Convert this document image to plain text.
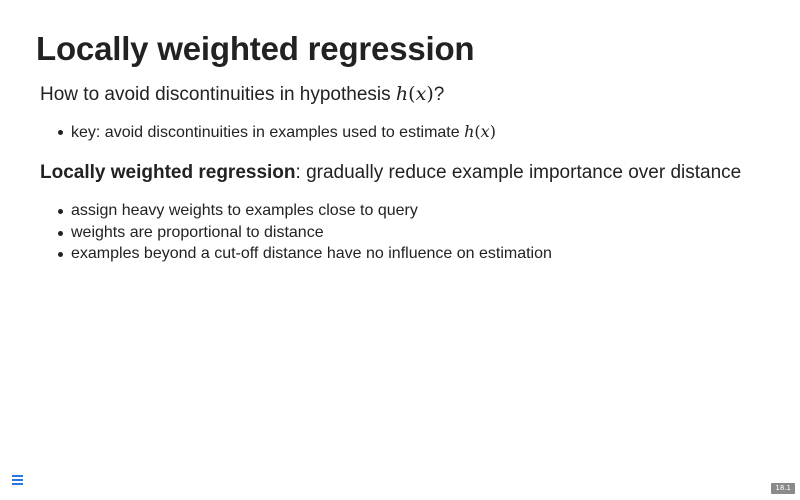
Locally weighted regression

How to avoid discontinuities in hypothesis h(x)?

key: avoid discontinuities in examples used to estimate h(x)

Locally weighted regression: gradually reduce example importance over distance

assign heavy weights to examples close to query
weights are proportional to distance
examples beyond a cut-off distance have no influence on estimation
18.1
